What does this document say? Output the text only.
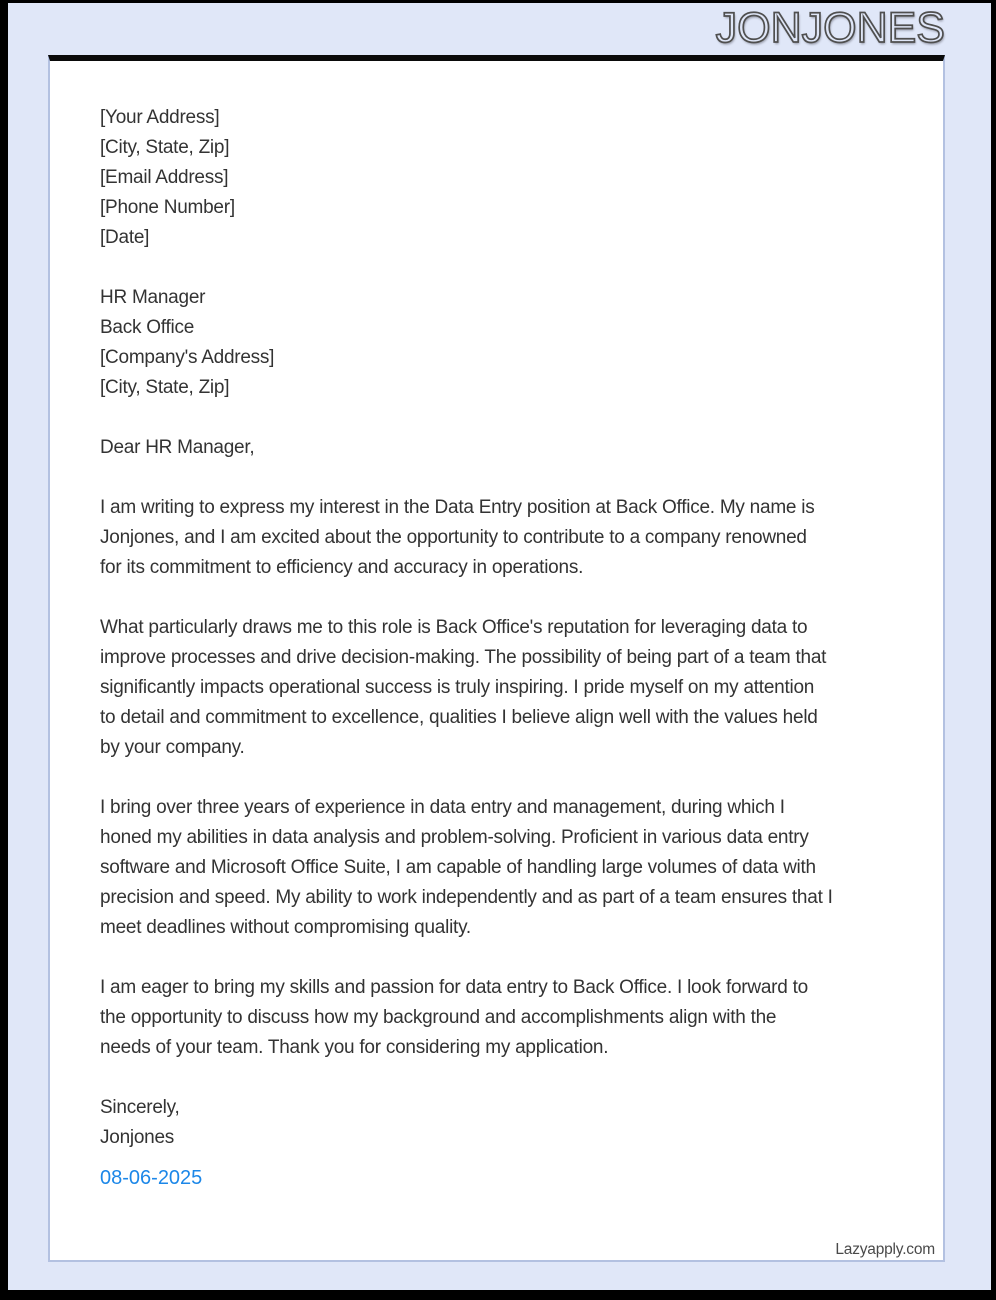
JONJONES
[Your Address]
[City, State, Zip]
[Email Address]
[Phone Number]
[Date]
HR Manager
Back Office
[Company's Address]
[City, State, Zip]
Dear HR Manager,
I am writing to express my interest in the Data Entry position at Back Office. My name is
Jonjones, and I am excited about the opportunity to contribute to a company renowned
for its commitment to efficiency and accuracy in operations.
What particularly draws me to this role is Back Office's reputation for leveraging data to
improve processes and drive decision-making. The possibility of being part of a team that
significantly impacts operational success is truly inspiring. I pride myself on my attention
to detail and commitment to excellence, qualities I believe align well with the values held
by your company.
I bring over three years of experience in data entry and management, during which I
honed my abilities in data analysis and problem-solving. Proficient in various data entry
software and Microsoft Office Suite, I am capable of handling large volumes of data with
precision and speed. My ability to work independently and as part of a team ensures that I
meet deadlines without compromising quality.
I am eager to bring my skills and passion for data entry to Back Office. I look forward to
the opportunity to discuss how my background and accomplishments align with the
needs of your team. Thank you for considering my application.
Sincerely,
Jonjones
08-06-2025
Lazyapply.com
